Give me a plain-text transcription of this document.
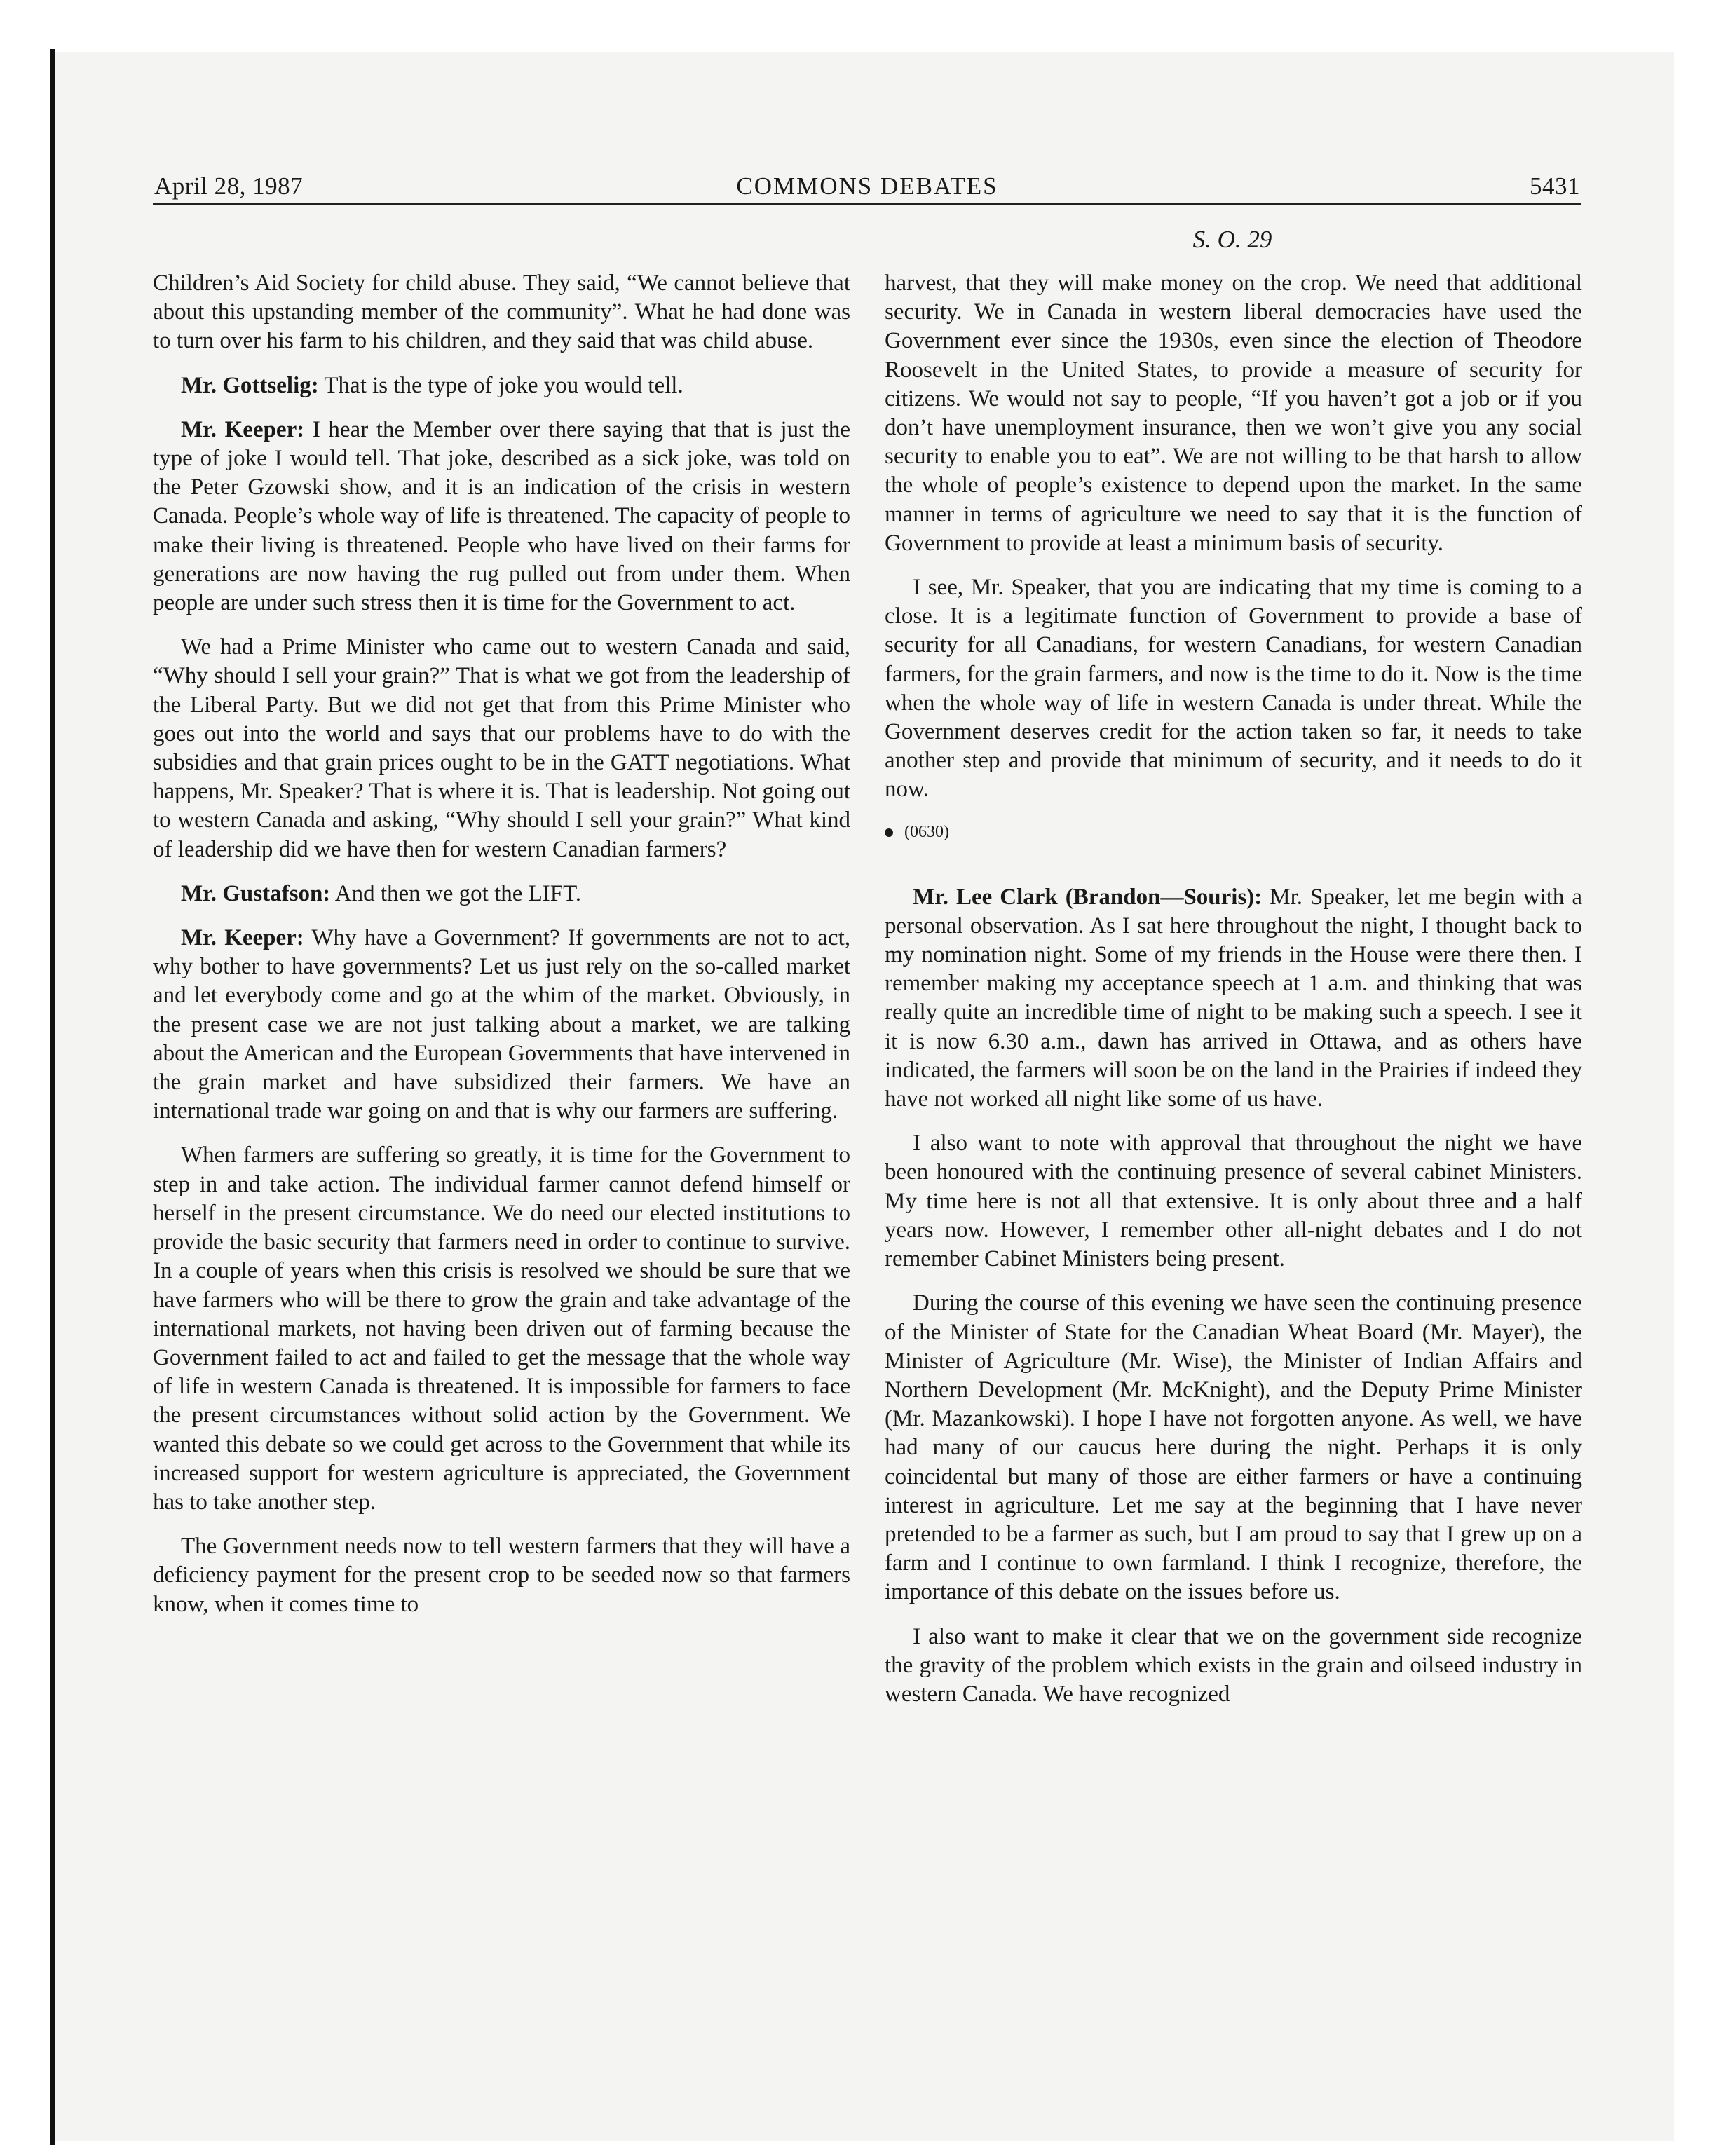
April 28, 1987	COMMONS DEBATES	5431
S. O. 29

Children’s Aid Society for child abuse. They said, “We cannot believe that about this upstanding member of the community”. What he had done was to turn over his farm to his children, and they said that was child abuse.

Mr. Gottselig: That is the type of joke you would tell.

Mr. Keeper: I hear the Member over there saying that that is just the type of joke I would tell. That joke, described as a sick joke, was told on the Peter Gzowski show, and it is an indication of the crisis in western Canada. People’s whole way of life is threatened. The capacity of people to make their living is threatened. People who have lived on their farms for generations are now having the rug pulled out from under them. When people are under such stress then it is time for the Government to act.

We had a Prime Minister who came out to western Canada and said, “Why should I sell your grain?” That is what we got from the leadership of the Liberal Party. But we did not get that from this Prime Minister who goes out into the world and says that our problems have to do with the subsidies and that grain prices ought to be in the GATT negotiations. What happens, Mr. Speaker? That is where it is. That is leadership. Not going out to western Canada and asking, “Why should I sell your grain?” What kind of leadership did we have then for western Canadian farmers?

Mr. Gustafson: And then we got the LIFT.

Mr. Keeper: Why have a Government? If governments are not to act, why bother to have governments? Let us just rely on the so-called market and let everybody come and go at the whim of the market. Obviously, in the present case we are not just talking about a market, we are talking about the American and the European Governments that have intervened in the grain market and have subsidized their farmers. We have an international trade war going on and that is why our farmers are suffering.

When farmers are suffering so greatly, it is time for the Government to step in and take action. The individual farmer cannot defend himself or herself in the present circumstance. We do need our elected institutions to provide the basic security that farmers need in order to continue to survive. In a couple of years when this crisis is resolved we should be sure that we have farmers who will be there to grow the grain and take advantage of the international markets, not having been driven out of farming because the Government failed to act and failed to get the message that the whole way of life in western Canada is threatened. It is impossible for farmers to face the present circumstances without solid action by the Government. We wanted this debate so we could get across to the Government that while its increased support for western agriculture is appreciated, the Government has to take another step.

The Government needs now to tell western farmers that they will have a deficiency payment for the present crop to be seeded now so that farmers know, when it comes time to

harvest, that they will make money on the crop. We need that additional security. We in Canada in western liberal democracies have used the Government ever since the 1930s, even since the election of Theodore Roosevelt in the United States, to provide a measure of security for citizens. We would not say to people, “If you haven’t got a job or if you don’t have unemployment insurance, then we won’t give you any social security to enable you to eat”. We are not willing to be that harsh to allow the whole of people’s existence to depend upon the market. In the same manner in terms of agriculture we need to say that it is the function of Government to provide at least a minimum basis of security.

I see, Mr. Speaker, that you are indicating that my time is coming to a close. It is a legitimate function of Government to provide a base of security for all Canadians, for western Canadians, for western Canadian farmers, for the grain farmers, and now is the time to do it. Now is the time when the whole way of life in western Canada is under threat. While the Government deserves credit for the action taken so far, it needs to take another step and provide that minimum of security, and it needs to do it now.

(0630)

Mr. Lee Clark (Brandon—Souris): Mr. Speaker, let me begin with a personal observation. As I sat here throughout the night, I thought back to my nomination night. Some of my friends in the House were there then. I remember making my acceptance speech at 1 a.m. and thinking that was really quite an incredible time of night to be making such a speech. I see it it is now 6.30 a.m., dawn has arrived in Ottawa, and as others have indicated, the farmers will soon be on the land in the Prairies if indeed they have not worked all night like some of us have.

I also want to note with approval that throughout the night we have been honoured with the continuing presence of several cabinet Ministers. My time here is not all that extensive. It is only about three and a half years now. However, I remember other all-night debates and I do not remember Cabinet Ministers being present.

During the course of this evening we have seen the continuing presence of the Minister of State for the Canadian Wheat Board (Mr. Mayer), the Minister of Agriculture (Mr. Wise), the Minister of Indian Affairs and Northern Development (Mr. McKnight), and the Deputy Prime Minister (Mr. Mazankowski). I hope I have not forgotten anyone. As well, we have had many of our caucus here during the night. Perhaps it is only coincidental but many of those are either farmers or have a continuing interest in agriculture. Let me say at the beginning that I have never pretended to be a farmer as such, but I am proud to say that I grew up on a farm and I continue to own farmland. I think I recognize, therefore, the importance of this debate on the issues before us.

I also want to make it clear that we on the government side recognize the gravity of the problem which exists in the grain and oilseed industry in western Canada. We have recognized
